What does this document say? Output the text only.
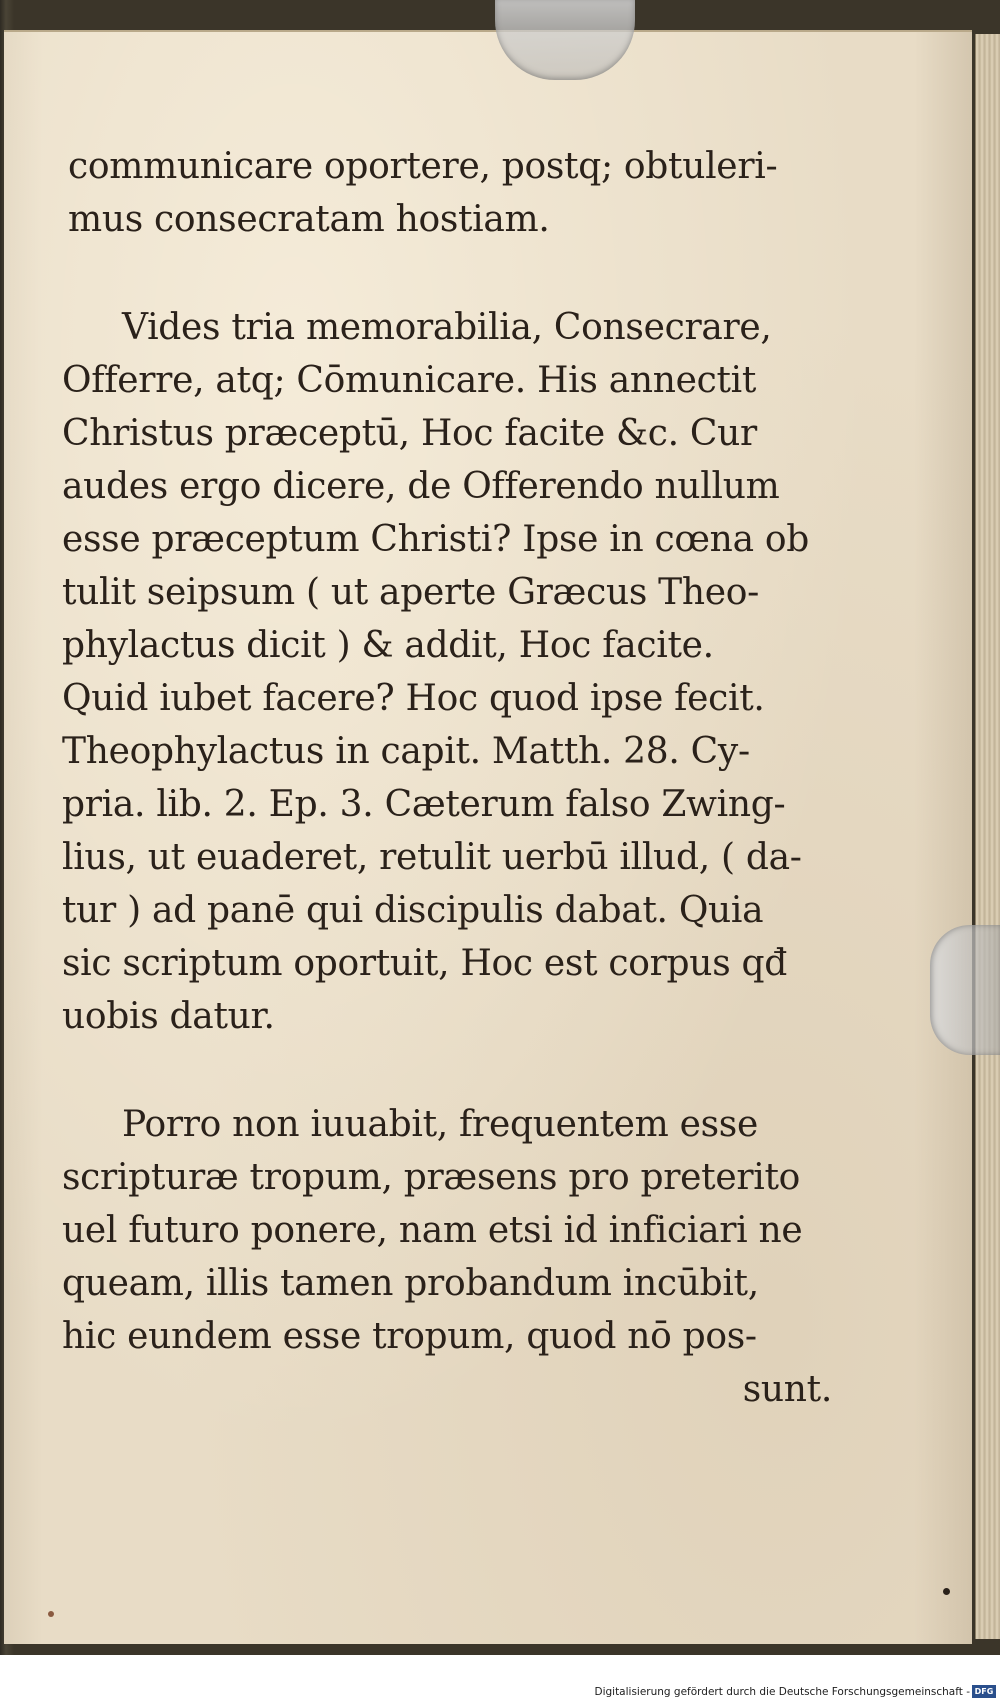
communicare oportere, postq; obtuleri-
mus consecratam hostiam.
Vides tria memorabilia, Consecrare,
Offerre, atq; Cōmunicare. His annectit
Christus præceptū, Hoc facite &c. Cur
audes ergo dicere, de Offerendo nullum
esse præceptum Christi? Ipse in cœna ob
tulit seipsum ( ut aperte Græcus Theo-
phylactus dicit ) & addit, Hoc facite.
Quid iubet facere? Hoc quod ipse fecit.
Theophylactus in capit. Matth. 28. Cy-
pria. lib. 2. Ep. 3. Cæterum falso Zwing-
lius, ut euaderet, retulit uerbū illud, ( da-
tur ) ad panē qui discipulis dabat. Quia
sic scriptum oportuit, Hoc est corpus qđ
uobis datur.
Porro non iuuabit, frequentem esse
scripturæ tropum, præsens pro preterito
uel futuro ponere, nam etsi id inficiari ne
queam, illis tamen probandum incūbit,
hic eundem esse tropum, quod nō pos-
sunt.
Digitalisierung gefördert durch die Deutsche Forschungsgemeinschaft - DFG
